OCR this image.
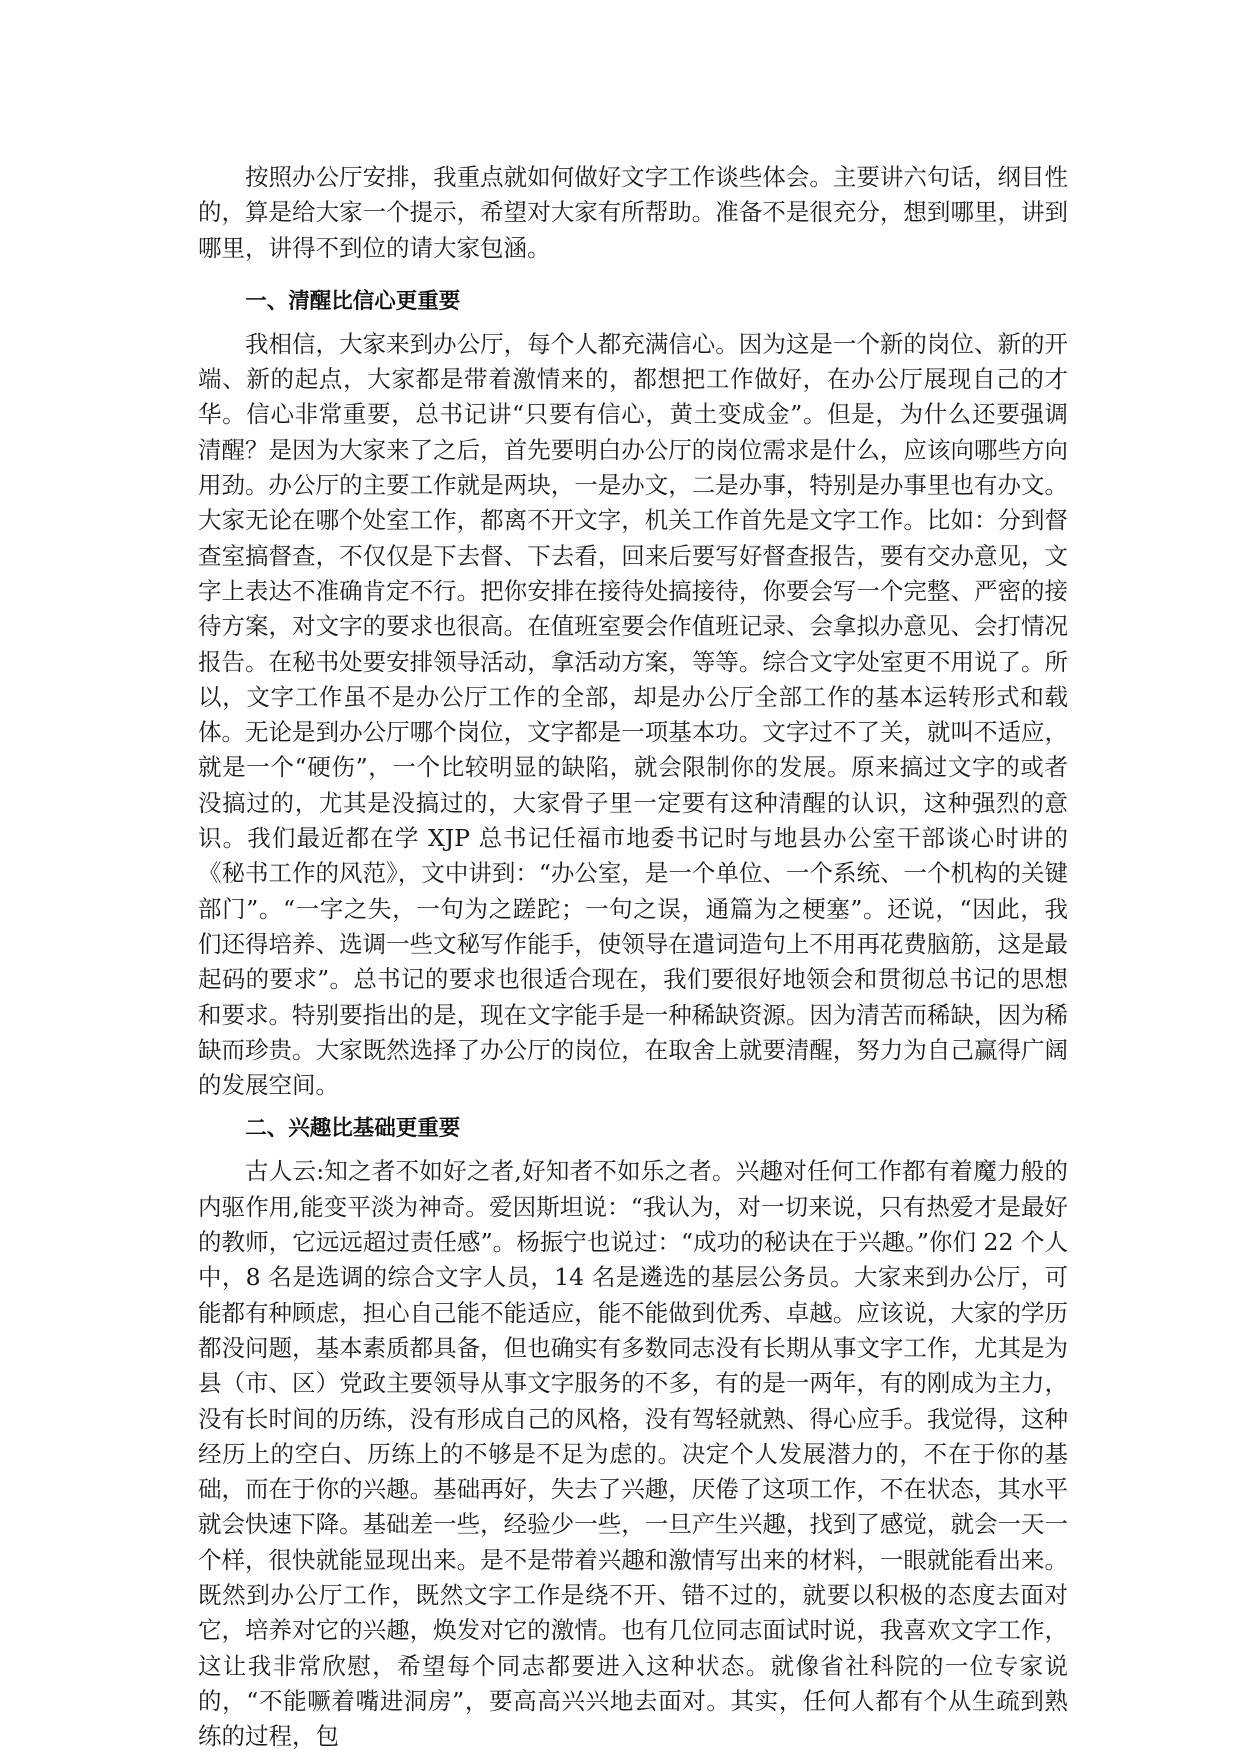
按照办公厅安排，我重点就如何做好文字工作谈些体会。主要讲六句话，纲目性的，算是给大家一个提示，希望对大家有所帮助。准备不是很充分，想到哪里，讲到哪里，讲得不到位的请大家包涵。

一、清醒比信心更重要

我相信，大家来到办公厅，每个人都充满信心。因为这是一个新的岗位、新的开端、新的起点，大家都是带着激情来的，都想把工作做好，在办公厅展现自己的才华。信心非常重要，总书记讲“只要有信心，黄土变成金”。但是，为什么还要强调清醒？是因为大家来了之后，首先要明白办公厅的岗位需求是什么，应该向哪些方向用劲。办公厅的主要工作就是两块，一是办文，二是办事，特别是办事里也有办文。大家无论在哪个处室工作，都离不开文字，机关工作首先是文字工作。比如：分到督查室搞督查，不仅仅是下去督、下去看，回来后要写好督查报告，要有交办意见，文字上表达不准确肯定不行。把你安排在接待处搞接待，你要会写一个完整、严密的接待方案，对文字的要求也很高。在值班室要会作值班记录、会拿拟办意见、会打情况报告。在秘书处要安排领导活动，拿活动方案，等等。综合文字处室更不用说了。所以，文字工作虽不是办公厅工作的全部，却是办公厅全部工作的基本运转形式和载体。无论是到办公厅哪个岗位，文字都是一项基本功。文字过不了关，就叫不适应，就是一个“硬伤”，一个比较明显的缺陷，就会限制你的发展。原来搞过文字的或者没搞过的，尤其是没搞过的，大家骨子里一定要有这种清醒的认识，这种强烈的意识。我们最近都在学 XJP 总书记任福市地委书记时与地县办公室干部谈心时讲的《秘书工作的风范》，文中讲到：“办公室，是一个单位、一个系统、一个机构的关键部门”。“一字之失，一句为之蹉跎；一句之误，通篇为之梗塞”。还说，“因此，我们还得培养、选调一些文秘写作能手，使领导在遣词造句上不用再花费脑筋，这是最起码的要求”。总书记的要求也很适合现在，我们要很好地领会和贯彻总书记的思想和要求。特别要指出的是，现在文字能手是一种稀缺资源。因为清苦而稀缺，因为稀缺而珍贵。大家既然选择了办公厅的岗位，在取舍上就要清醒，努力为自己赢得广阔的发展空间。

二、兴趣比基础更重要

古人云:知之者不如好之者,好知者不如乐之者。兴趣对任何工作都有着魔力般的内驱作用,能变平淡为神奇。爱因斯坦说：“我认为，对一切来说，只有热爱才是最好的教师，它远远超过责任感”。杨振宁也说过：“成功的秘诀在于兴趣。”你们 22 个人中，8 名是选调的综合文字人员，14 名是遴选的基层公务员。大家来到办公厅，可能都有种顾虑，担心自己能不能适应，能不能做到优秀、卓越。应该说，大家的学历都没问题，基本素质都具备，但也确实有多数同志没有长期从事文字工作，尤其是为县（市、区）党政主要领导从事文字服务的不多，有的是一两年，有的刚成为主力，没有长时间的历练，没有形成自己的风格，没有驾轻就熟、得心应手。我觉得，这种经历上的空白、历练上的不够是不足为虑的。决定个人发展潜力的，不在于你的基础，而在于你的兴趣。基础再好，失去了兴趣，厌倦了这项工作，不在状态，其水平就会快速下降。基础差一些，经验少一些，一旦产生兴趣，找到了感觉，就会一天一个样，很快就能显现出来。是不是带着兴趣和激情写出来的材料，一眼就能看出来。既然到办公厅工作，既然文字工作是绕不开、错不过的，就要以积极的态度去面对它，培养对它的兴趣，焕发对它的激情。也有几位同志面试时说，我喜欢文字工作，这让我非常欣慰，希望每个同志都要进入这种状态。就像省社科院的一位专家说的，“不能噘着嘴进洞房”，要高高兴兴地去面对。其实，任何人都有个从生疏到熟练的过程，包
